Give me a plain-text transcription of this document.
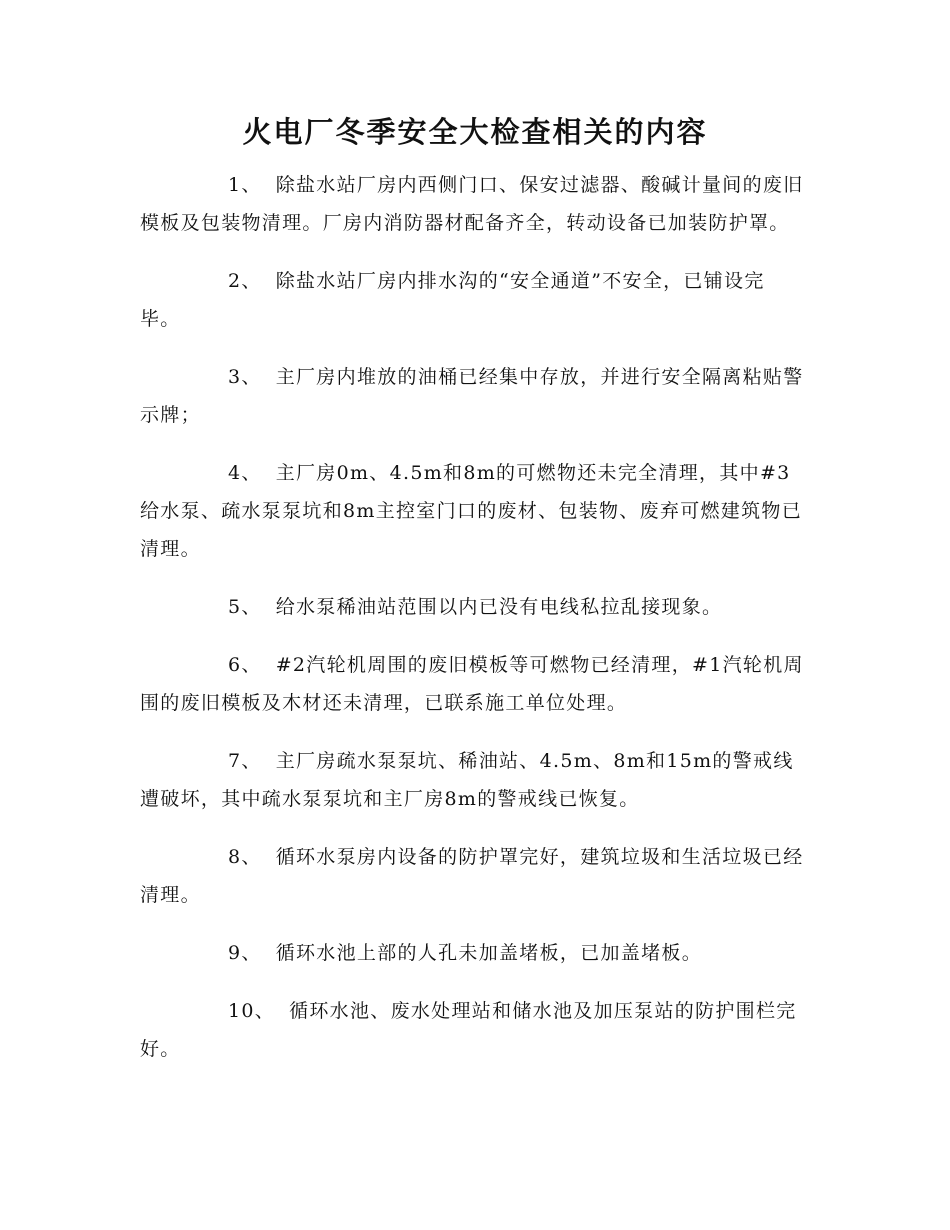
火电厂冬季安全大检查相关的内容

1、 除盐水站厂房内西侧门口、保安过滤器、酸碱计量间的废旧模板及包装物清理。厂房内消防器材配备齐全，转动设备已加装防护罩。

2、 除盐水站厂房内排水沟的“安全通道”不安全，已铺设完毕。

3、 主厂房内堆放的油桶已经集中存放，并进行安全隔离粘贴警示牌；

4、 主厂房0m、4.5m和8m的可燃物还未完全清理，其中#3给水泵、疏水泵泵坑和8m主控室门口的废材、包装物、废弃可燃建筑物已清理。

5、 给水泵稀油站范围以内已没有电线私拉乱接现象。

6、 #2汽轮机周围的废旧模板等可燃物已经清理，#1汽轮机周围的废旧模板及木材还未清理，已联系施工单位处理。

7、 主厂房疏水泵泵坑、稀油站、4.5m、8m和15m的警戒线遭破坏，其中疏水泵泵坑和主厂房8m的警戒线已恢复。

8、 循环水泵房内设备的防护罩完好，建筑垃圾和生活垃圾已经清理。

9、 循环水池上部的人孔未加盖堵板，已加盖堵板。

10、 循环水池、废水处理站和储水池及加压泵站的防护围栏完好。
